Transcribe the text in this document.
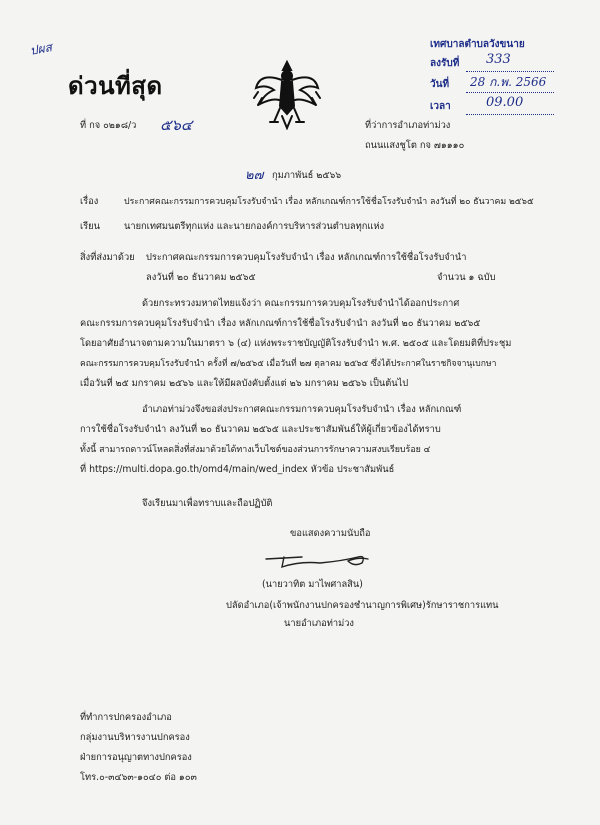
ปผส
ด่วนที่สุด
เทศบาลตำบลวังขนาย
ลงรับที่ 333
วันที่ 28 ก.พ. 2566
เวลา	09.00
ที่ กจ ๐๒๑๘/ว ๕๖๔	ที่ว่าการอำเภอท่าม่วง
ถนนแสงชูโต กจ ๗๑๑๑๐
๒๗ กุมภาพันธ์ ๒๕๖๖
เรื่อง	ประกาศคณะกรรมการควบคุมโรงรับจำนำ เรื่อง หลักเกณฑ์การใช้ชื่อโรงรับจำนำ ลงวันที่ ๒๐ ธันวาคม ๒๕๖๕
เรียน	นายกเทศมนตรีทุกแห่ง และนายกองค์การบริหารส่วนตำบลทุกแห่ง
สิ่งที่ส่งมาด้วย ประกาศคณะกรรมการควบคุมโรงรับจำนำ เรื่อง หลักเกณฑ์การใช้ชื่อโรงรับจำนำ
ลงวันที่ ๒๐ ธันวาคม ๒๕๖๕	จำนวน ๑ ฉบับ
ด้วยกระทรวงมหาดไทยแจ้งว่า คณะกรรมการควบคุมโรงรับจำนำได้ออกประกาศ
คณะกรรมการควบคุมโรงรับจำนำ เรื่อง หลักเกณฑ์การใช้ชื่อโรงรับจำนำ ลงวันที่ ๒๐ ธันวาคม ๒๕๖๕
โดยอาศัยอำนาจตามความในมาตรา ๖ (๔) แห่งพระราชบัญญัติโรงรับจำนำ พ.ศ. ๒๕๐๕ และโดยมติที่ประชุม
คณะกรรมการควบคุมโรงรับจำนำ ครั้งที่ ๗/๒๕๖๕ เมื่อวันที่ ๒๗ ตุลาคม ๒๕๖๕ ซึ่งได้ประกาศในราชกิจจานุเบกษา
เมื่อวันที่ ๒๕ มกราคม ๒๕๖๖ และให้มีผลบังคับตั้งแต่ ๒๖ มกราคม ๒๕๖๖ เป็นต้นไป
อำเภอท่าม่วงจึงขอส่งประกาศคณะกรรมการควบคุมโรงรับจำนำ เรื่อง หลักเกณฑ์
การใช้ชื่อโรงรับจำนำ ลงวันที่ ๒๐ ธันวาคม ๒๕๖๕ และประชาสัมพันธ์ให้ผู้เกี่ยวข้องได้ทราบ
ทั้งนี้ สามารถดาวน์โหลดสิ่งที่ส่งมาด้วยได้ทางเว็บไซต์ของส่วนการรักษาความสงบเรียบร้อย ๔
ที่ https://multi.dopa.go.th/omd4/main/wed_index หัวข้อ ประชาสัมพันธ์
จึงเรียนมาเพื่อทราบและถือปฏิบัติ
ขอแสดงความนับถือ
(นายวาทิต มาไพศาลสิน)
ปลัดอำเภอ(เจ้าพนักงานปกครองชำนาญการพิเศษ)รักษาราชการแทน
นายอำเภอท่าม่วง
ที่ทำการปกครองอำเภอ
กลุ่มงานบริหารงานปกครอง
ฝ่ายการอนุญาตทางปกครอง
โทร.๐-๓๔๖๓-๑๐๔๐ ต่อ ๑๐๓
